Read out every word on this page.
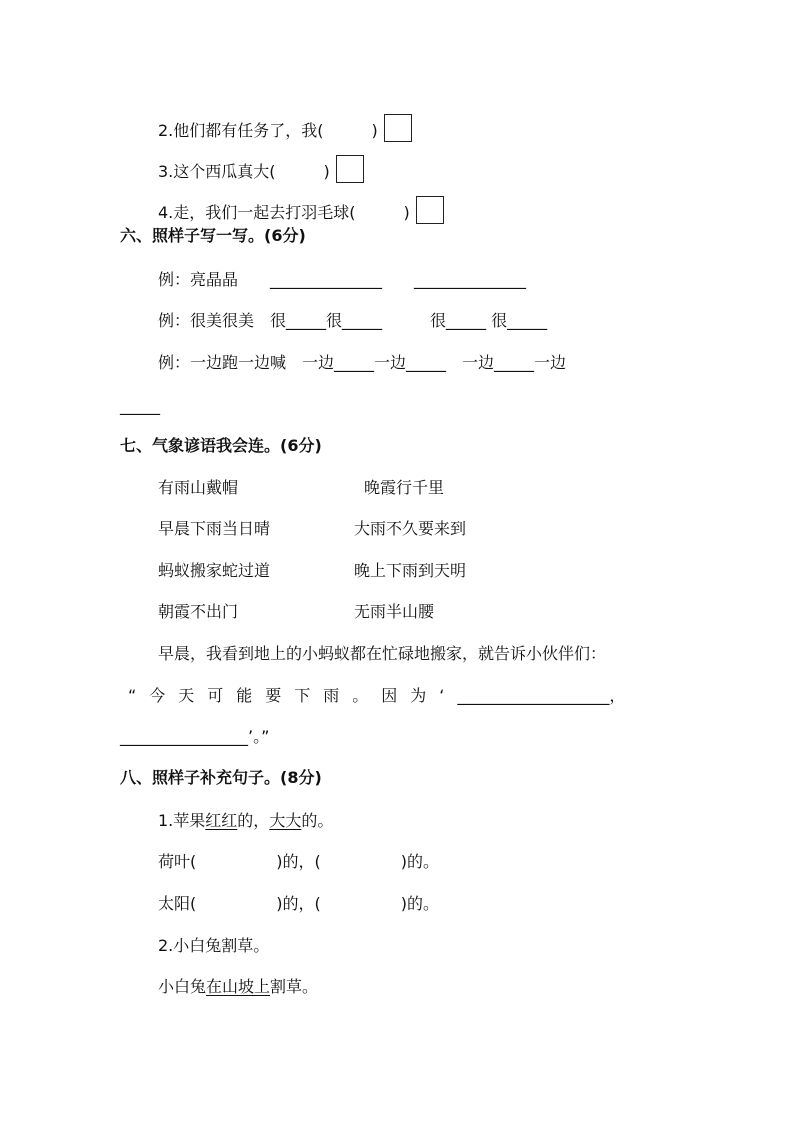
2.他们都有任务了，我(　　　)
3.这个西瓜真大(　　　)
4.走，我们一起去打羽毛球(　　　)
六、照样子写一写。(6分)
例：亮晶晶　　______________　　______________
例：很美很美　很_____很_____　　　很_____ 很_____
例：一边跑一边喊　一边_____一边_____　一边_____一边
_____
七、气象谚语我会连。(6分)
有雨山戴帽	晚霞行千里
早晨下雨当日晴	大雨不久要来到
蚂蚁搬家蛇过道	晚上下雨到天明
朝霞不出门	无雨半山腰
早晨，我看到地上的小蚂蚁都在忙碌地搬家，就告诉小伙伴们：
“今天可能要下雨。因为‘___________________，
________________’。”
八、照样子补充句子。(8分)
1.苹果红红的，大大的。
荷叶(　　　　　)的，(　　　　　)的。
太阳(　　　　　)的，(　　　　　)的。
2.小白兔割草。
小白兔在山坡上割草。
